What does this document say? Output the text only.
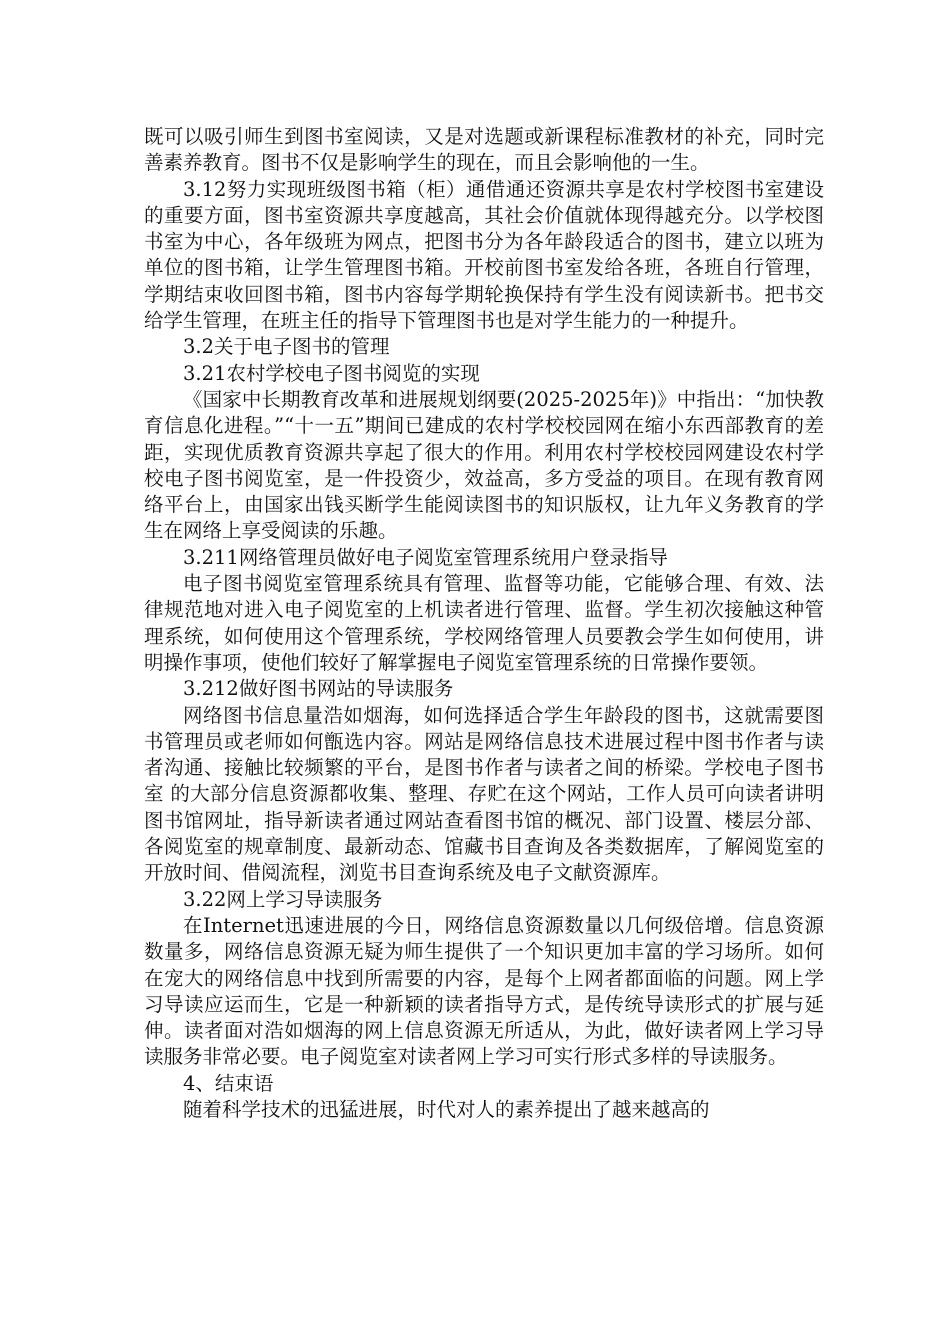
既可以吸引师生到图书室阅读，又是对选题或新课程标准教材的补充，同时完善素养教育。图书不仅是影响学生的现在，而且会影响他的一生。

3.12努力实现班级图书箱（柜）通借通还资源共享是农村学校图书室建设的重要方面，图书室资源共享度越高，其社会价值就体现得越充分。以学校图书室为中心，各年级班为网点，把图书分为各年龄段适合的图书，建立以班为单位的图书箱，让学生管理图书箱。开校前图书室发给各班，各班自行管理，学期结束收回图书箱，图书内容每学期轮换保持有学生没有阅读新书。把书交给学生管理，在班主任的指导下管理图书也是对学生能力的一种提升。

3.2关于电子图书的管理

3.21农村学校电子图书阅览的实现

《国家中长期教育改革和进展规划纲要(2025-2025年)》中指出：“加快教育信息化进程。”“十一五”期间已建成的农村学校校园网在缩小东西部教育的差距，实现优质教育资源共享起了很大的作用。利用农村学校校园网建设农村学校电子图书阅览室，是一件投资少，效益高，多方受益的项目。在现有教育网络平台上，由国家出钱买断学生能阅读图书的知识版权，让九年义务教育的学生在网络上享受阅读的乐趣。

3.211网络管理员做好电子阅览室管理系统用户登录指导

电子图书阅览室管理系统具有管理、监督等功能，它能够合理、有效、法律规范地对进入电子阅览室的上机读者进行管理、监督。学生初次接触这种管理系统，如何使用这个管理系统，学校网络管理人员要教会学生如何使用，讲明操作事项，使他们较好了解掌握电子阅览室管理系统的日常操作要领。

3.212做好图书网站的导读服务

网络图书信息量浩如烟海，如何选择适合学生年龄段的图书，这就需要图书管理员或老师如何甑选内容。网站是网络信息技术进展过程中图书作者与读者沟通、接触比较频繁的平台，是图书作者与读者之间的桥梁。学校电子图书室 的大部分信息资源都收集、整理、存贮在这个网站，工作人员可向读者讲明图书馆网址，指导新读者通过网站查看图书馆的概况、部门设置、楼层分部、各阅览室的规章制度、最新动态、馆藏书目查询及各类数据库，了解阅览室的开放时间、借阅流程，浏览书目查询系统及电子文献资源库。

3.22网上学习导读服务

在Internet迅速进展的今日，网络信息资源数量以几何级倍增。信息资源数量多，网络信息资源无疑为师生提供了一个知识更加丰富的学习场所。如何在宠大的网络信息中找到所需要的内容，是每个上网者都面临的问题。网上学习导读应运而生，它是一种新颖的读者指导方式，是传统导读形式的扩展与延伸。读者面对浩如烟海的网上信息资源无所适从，为此，做好读者网上学习导读服务非常必要。电子阅览室对读者网上学习可实行形式多样的导读服务。

4、结束语

随着科学技术的迅猛进展，时代对人的素养提出了越来越高的
